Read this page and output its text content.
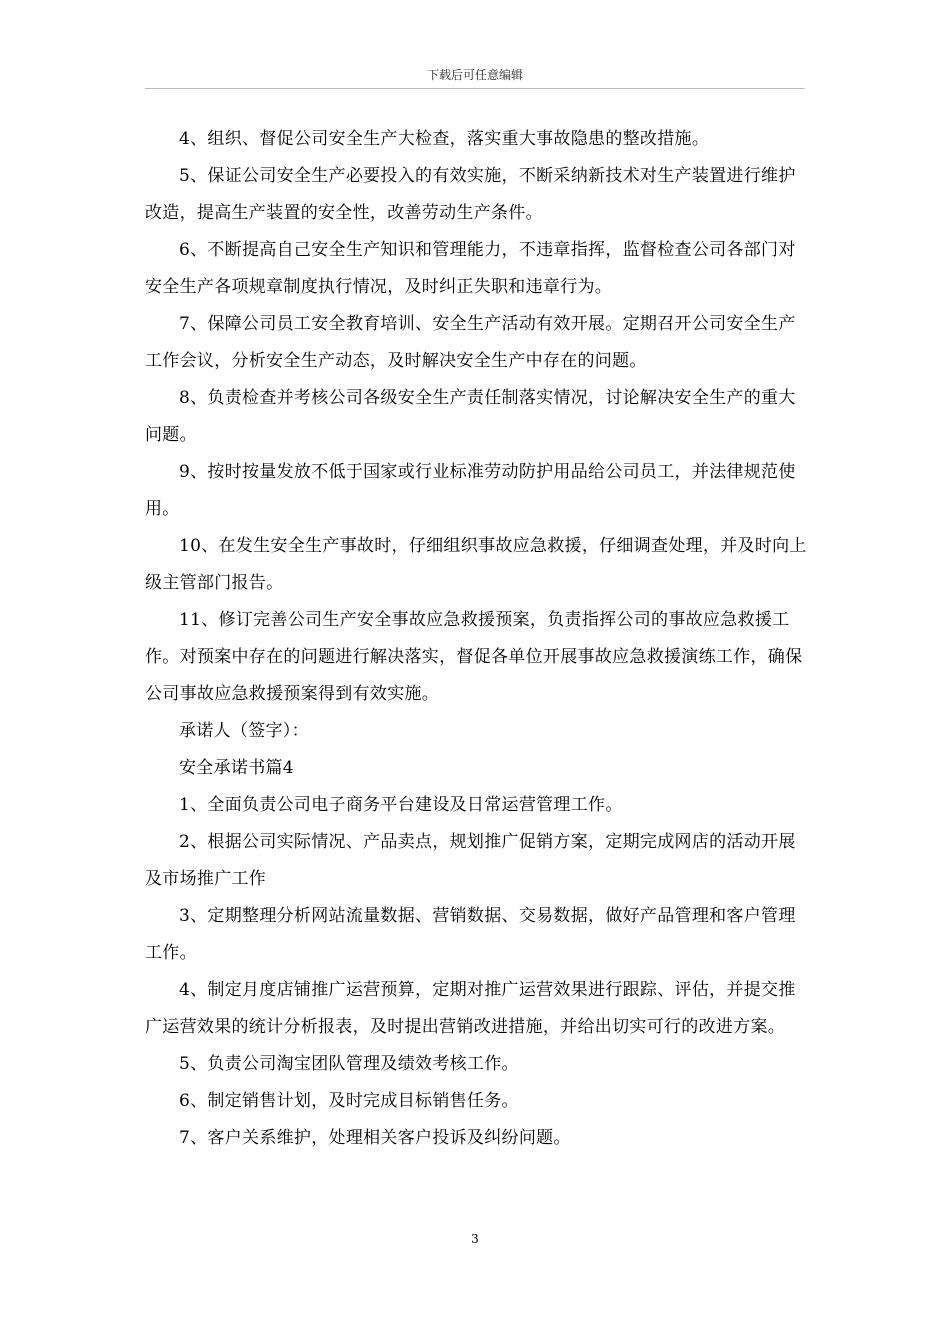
下载后可任意编辑

4、组织、督促公司安全生产大检查，落实重大事故隐患的整改措施。

5、保证公司安全生产必要投入的有效实施，不断采纳新技术对生产装置进行维护改造，提高生产装置的安全性，改善劳动生产条件。

6、不断提高自己安全生产知识和管理能力，不违章指挥，监督检查公司各部门对安全生产各项规章制度执行情况，及时纠正失职和违章行为。

7、保障公司员工安全教育培训、安全生产活动有效开展。定期召开公司安全生产工作会议，分析安全生产动态，及时解决安全生产中存在的问题。

8、负责检查并考核公司各级安全生产责任制落实情况，讨论解决安全生产的重大问题。

9、按时按量发放不低于国家或行业标准劳动防护用品给公司员工，并法律规范使用。

10、在发生安全生产事故时，仔细组织事故应急救援，仔细调查处理，并及时向上级主管部门报告。

11、修订完善公司生产安全事故应急救援预案，负责指挥公司的事故应急救援工作。对预案中存在的问题进行解决落实，督促各单位开展事故应急救援演练工作，确保公司事故应急救援预案得到有效实施。

承诺人（签字）：

安全承诺书篇4

1、全面负责公司电子商务平台建设及日常运营管理工作。

2、根据公司实际情况、产品卖点，规划推广促销方案，定期完成网店的活动开展及市场推广工作

3、定期整理分析网站流量数据、营销数据、交易数据，做好产品管理和客户管理工作。

4、制定月度店铺推广运营预算，定期对推广运营效果进行跟踪、评估，并提交推广运营效果的统计分析报表，及时提出营销改进措施，并给出切实可行的改进方案。

5、负责公司淘宝团队管理及绩效考核工作。

6、制定销售计划，及时完成目标销售任务。

7、客户关系维护，处理相关客户投诉及纠纷问题。

3
